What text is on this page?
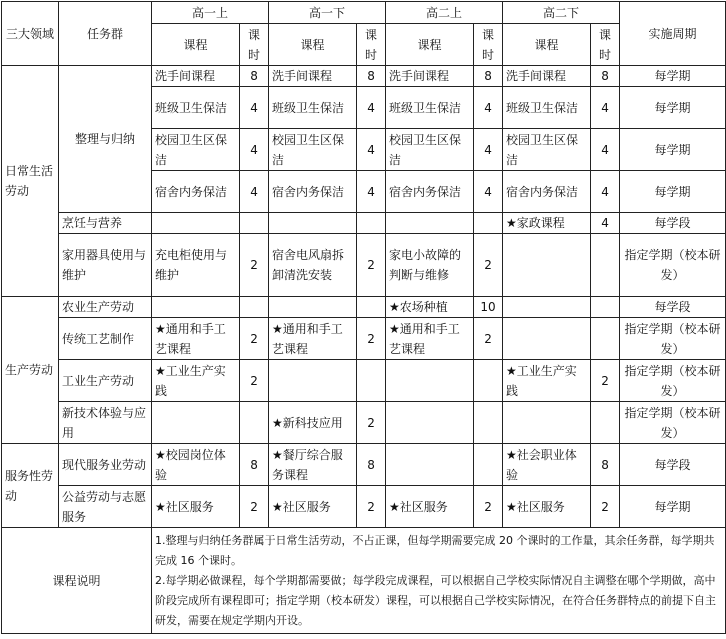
三大领域	任务群	高一上		高一下		高二上		高二下		实施周期
		课程	课时	课程	课时	课程	课时	课程	课时	
日常生活劳动	整理与归纳	洗手间课程	8	洗手间课程	8	洗手间课程	8	洗手间课程	8	每学期
		班级卫生保洁	4	班级卫生保洁	4	班级卫生保洁	4	班级卫生保洁	4	每学期
		校园卫生区保洁	4	校园卫生区保洁	4	校园卫生区保洁	4	校园卫生区保洁	4	每学期
		宿舍内务保洁	4	宿舍内务保洁	4	宿舍内务保洁	4	宿舍内务保洁	4	每学期
	烹饪与营养							★家政课程	4	每学段
	家用器具使用与维护	充电柜使用与维护	2	宿舍电风扇拆卸清洗安装	2	家电小故障的判断与维修	2			指定学期（校本研发）
生产劳动	农业生产劳动					★农场种植	10			每学段
	传统工艺制作	★通用和手工艺课程	2	★通用和手工艺课程	2	★通用和手工艺课程	2			指定学期（校本研发）
	工业生产劳动	★工业生产实践	2					★工业生产实践	2	指定学期（校本研发）
	新技术体验与应用			★新科技应用	2					指定学期（校本研发）
服务性劳动	现代服务业劳动	★校园岗位体验	8	★餐厅综合服务课程	8			★社会职业体验	8	每学段
	公益劳动与志愿服务	★社区服务	2	★社区服务	2	★社区服务	2	★社区服务	2	每学期
课程说明		1.整理与归纳任务群属于日常生活劳动，不占正课，但每学期需要完成 20 个课时的工作量，其余任务群，每学期共完成 16 个课时。

2.每学期必做课程，每个学期都需要做；每学段完成课程，可以根据自己学校实际情况自主调整在哪个学期做，高中阶段完成所有课程即可；指定学期（校本研发）课程，可以根据自己学校实际情况，在符合任务群特点的前提下自主研发，需要在规定学期内开设。								
